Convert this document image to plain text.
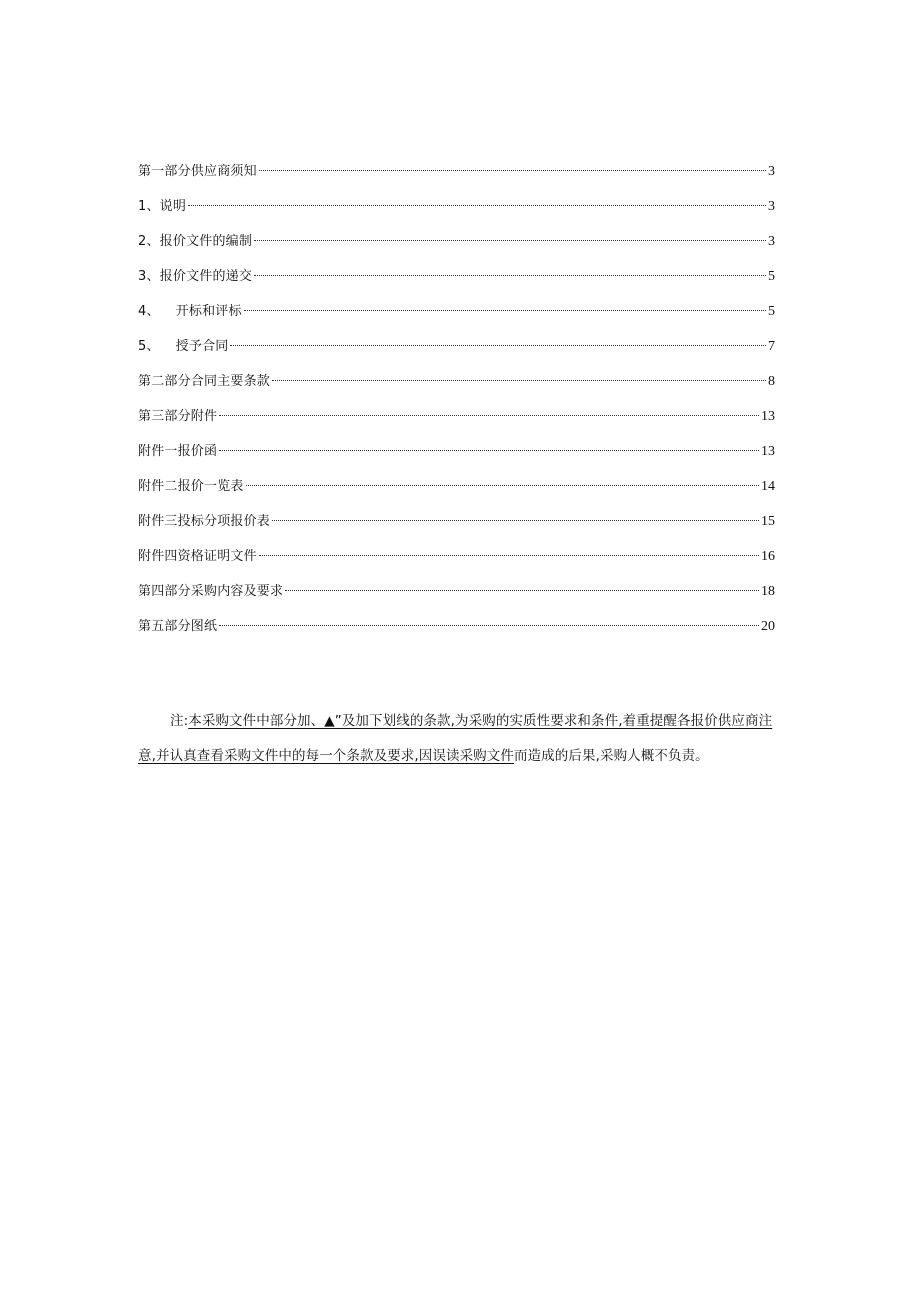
第一部分供应商须知	3
1、说明	3
2、报价文件的编制	3
3、报价文件的递交	5
4、 开标和评标	5
5、 授予合同	7
第二部分合同主要条款	8
第三部分附件	13
附件一报价函	13
附件二报价一览表	14
附件三投标分项报价表	15
附件四资格证明文件	16
第四部分采购内容及要求	18
第五部分图纸	20

注:本采购文件中部分加、▲”及加下划线的条款,为采购的实质性要求和条件,着重提醒各报价供应商注意,并认真查看采购文件中的每一个条款及要求,因误读采购文件而造成的后果,采购人概不负责。
